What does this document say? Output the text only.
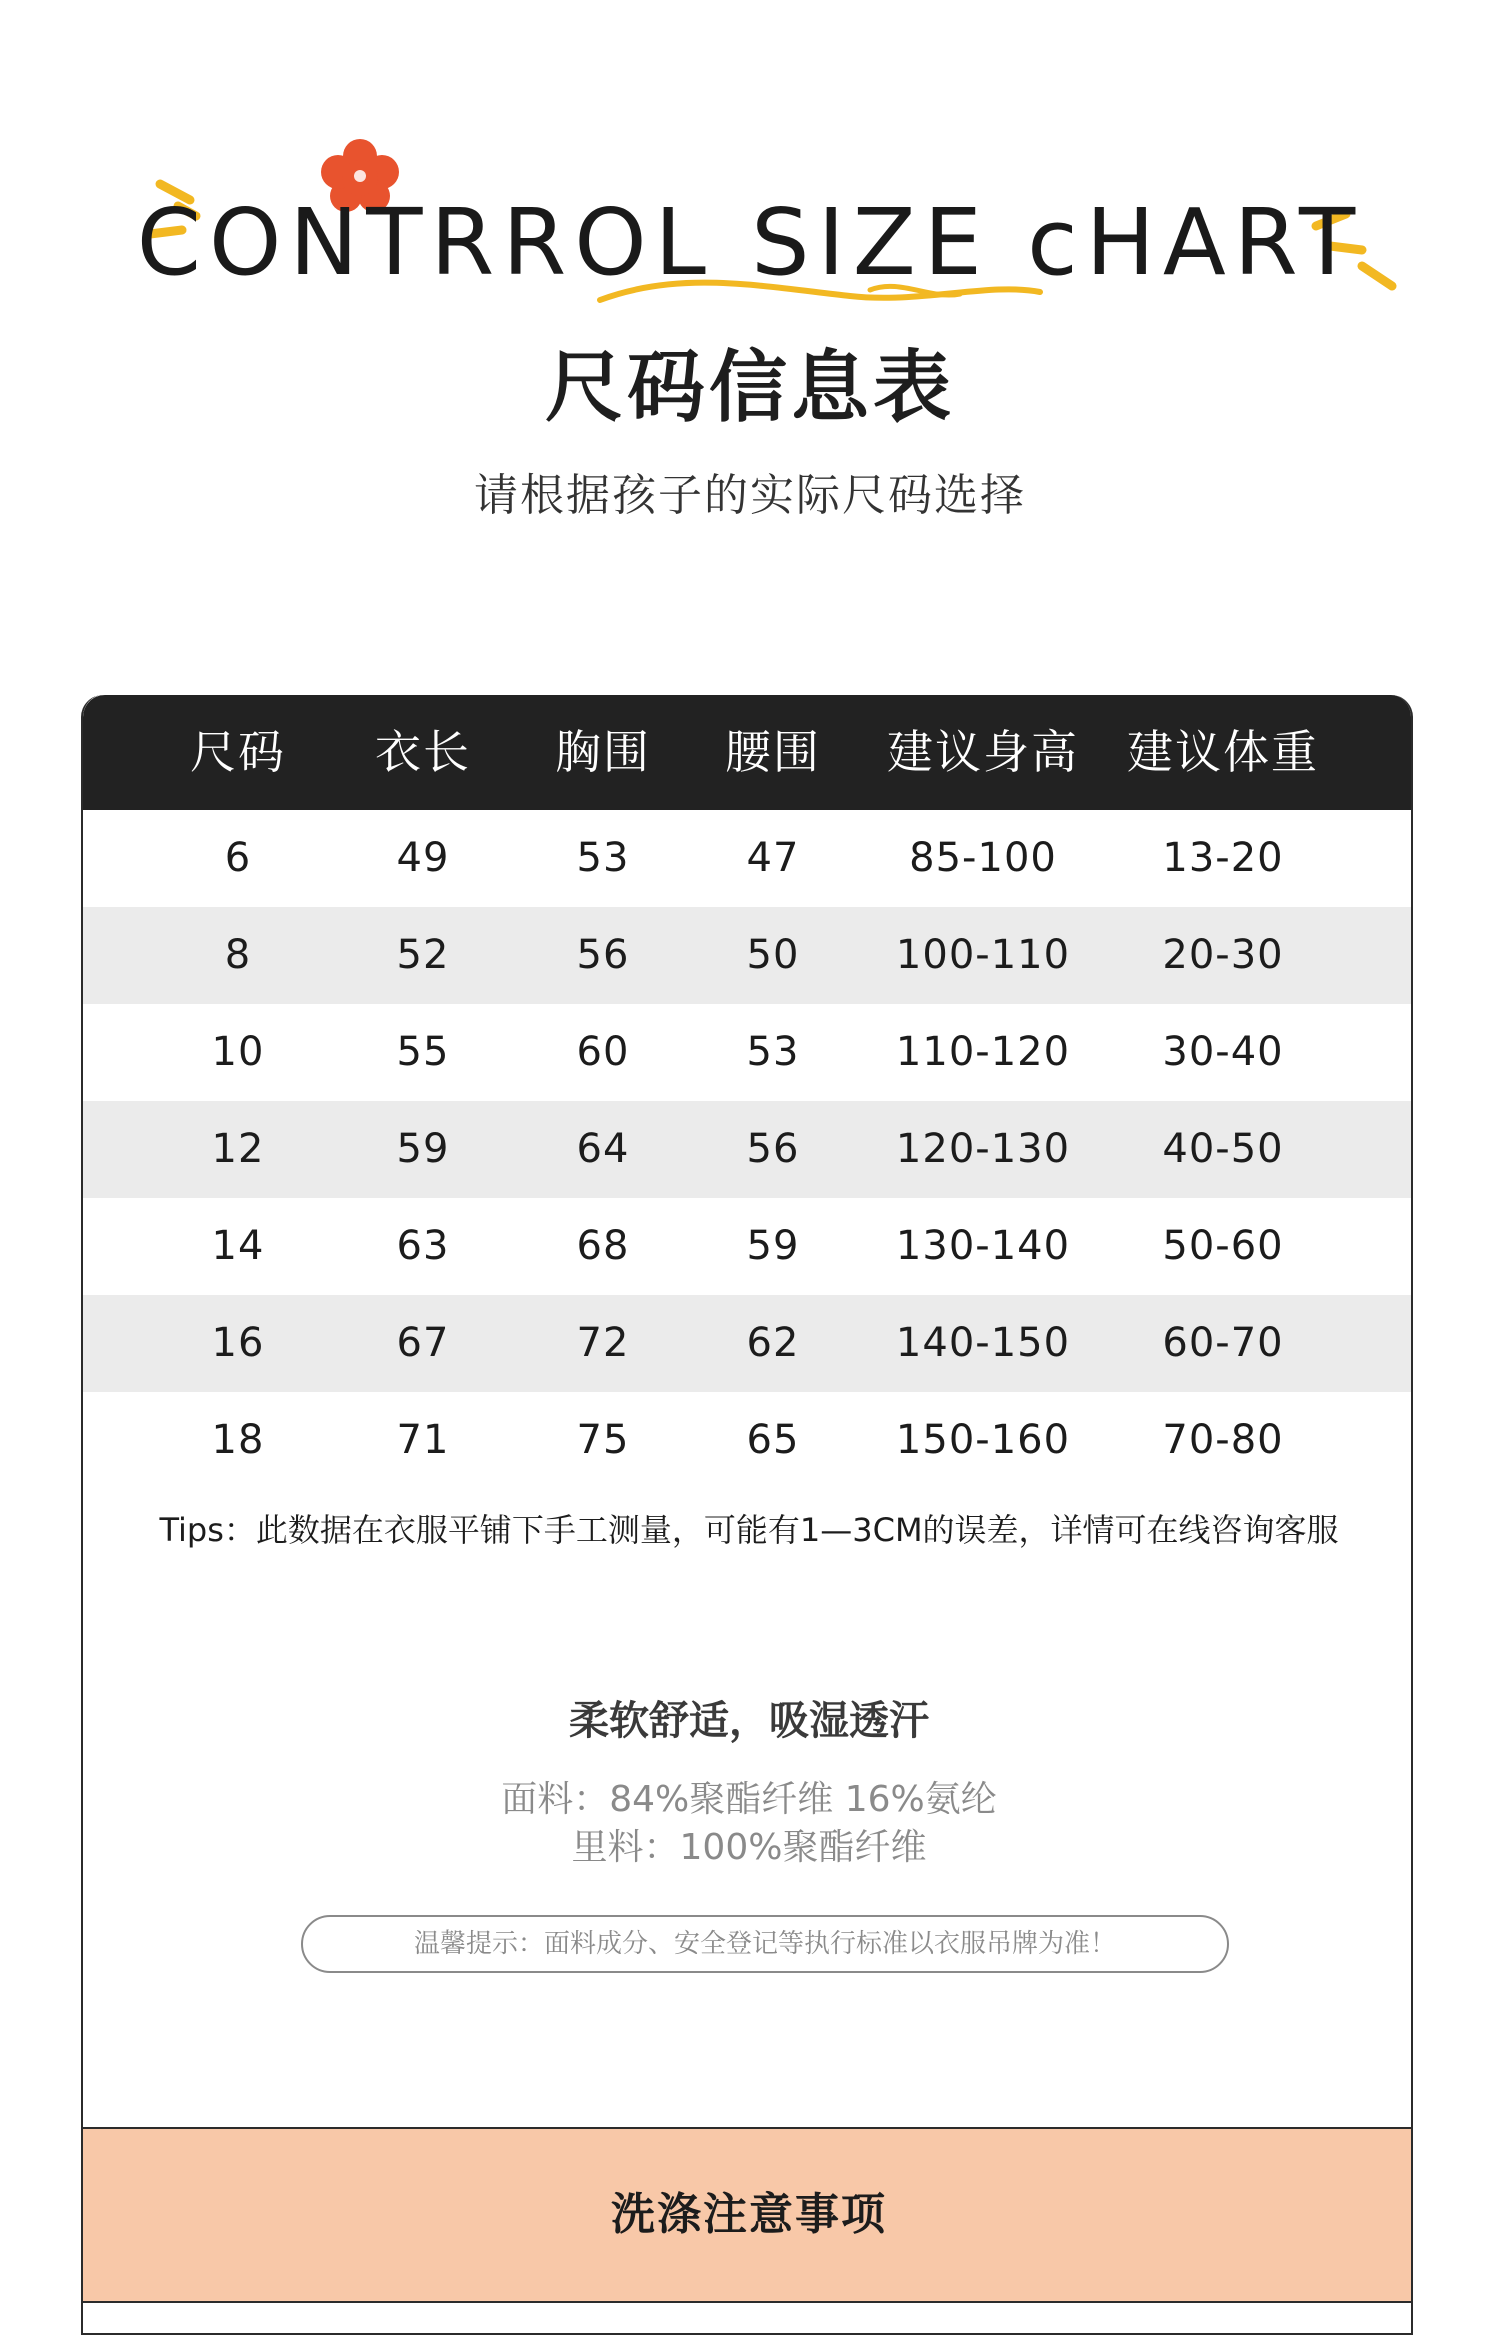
CONTRROL SIZE cHART
尺码信息表
请根据孩子的实际尺码选择
尺码	衣长	胸围	腰围	建议身高	建议体重
6	49	53	47	85-100	13-20
8	52	56	50	100-110	20-30
10	55	60	53	110-120	30-40
12	59	64	56	120-130	40-50
14	63	68	59	130-140	50-60
16	67	72	62	140-150	60-70
18	71	75	65	150-160	70-80
Tips：此数据在衣服平铺下手工测量，可能有1—3CM的误差，详情可在线咨询客服
柔软舒适，吸湿透汗
面料：84%聚酯纤维 16%氨纶
里料：100%聚酯纤维
温馨提示：面料成分、安全登记等执行标准以衣服吊牌为准！
洗涤注意事项
